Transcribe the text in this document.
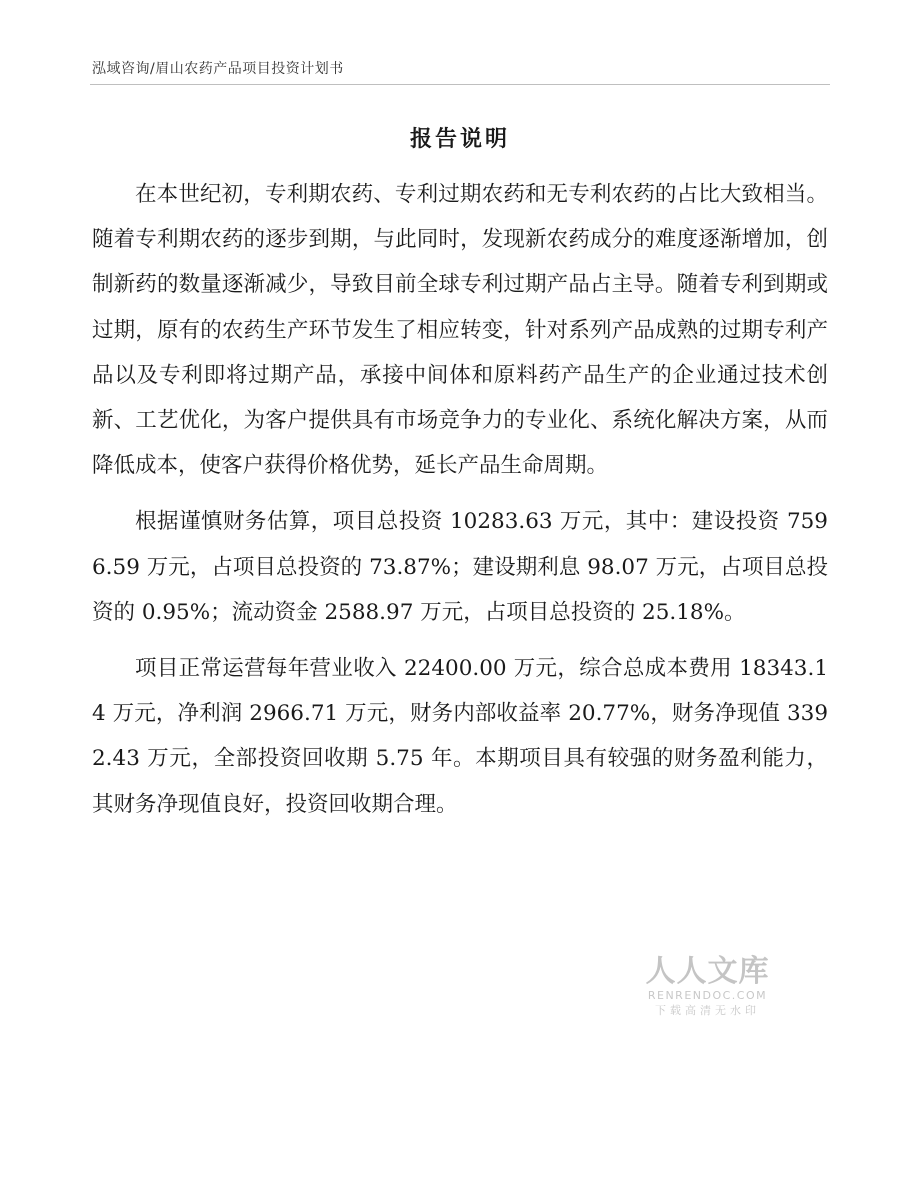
泓域咨询/眉山农药产品项目投资计划书
报告说明

在本世纪初，专利期农药、专利过期农药和无专利农药的占比大致相当。随着专利期农药的逐步到期，与此同时，发现新农药成分的难度逐渐增加，创制新药的数量逐渐减少，导致目前全球专利过期产品占主导。随着专利到期或过期，原有的农药生产环节发生了相应转变，针对系列产品成熟的过期专利产品以及专利即将过期产品，承接中间体和原料药产品生产的企业通过技术创新、工艺优化，为客户提供具有市场竞争力的专业化、系统化解决方案，从而降低成本，使客户获得价格优势，延长产品生命周期。

根据谨慎财务估算，项目总投资 10283.63 万元，其中：建设投资 7596.59 万元，占项目总投资的 73.87%；建设期利息 98.07 万元，占项目总投资的 0.95%；流动资金 2588.97 万元，占项目总投资的 25.18%。

项目正常运营每年营业收入 22400.00 万元，综合总成本费用 18343.14 万元，净利润 2966.71 万元，财务内部收益率 20.77%，财务净现值 3392.43 万元，全部投资回收期 5.75 年。本期项目具有较强的财务盈利能力，其财务净现值良好，投资回收期合理。

人人文库
RENRENDOC.COM
下载高清无水印
